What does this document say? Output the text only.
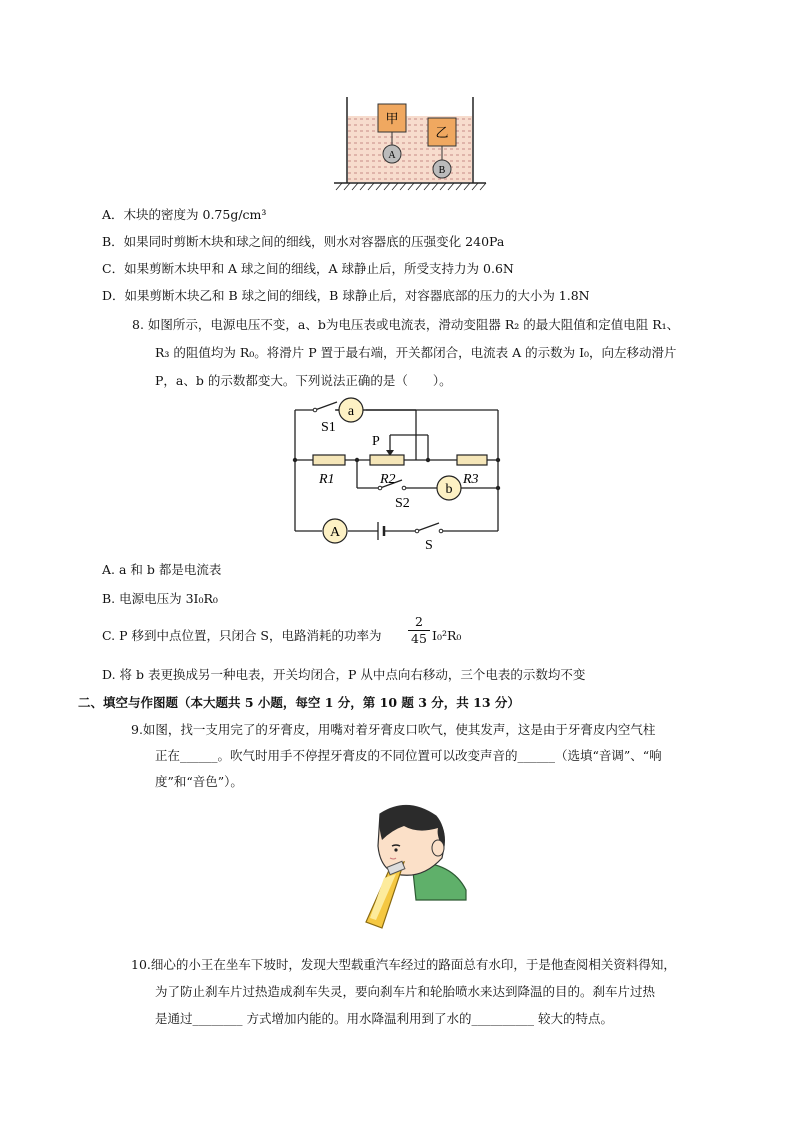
甲
A
乙
B
A．木块的密度为 0.75g/cm³
B．如果同时剪断木块和球之间的细线，则水对容器底的压强变化 240Pa
C．如果剪断木块甲和 A 球之间的细线，A 球静止后，所受支持力为 0.6N
D．如果剪断木块乙和 B 球之间的细线，B 球静止后，对容器底部的压力的大小为 1.8N
8. 如图所示，电源电压不变，a、b为电压表或电流表，滑动变阻器 R₂ 的最大阻值和定值电阻 R₁、
R₃ 的阻值均为 R₀。将滑片 P 置于最右端，开关都闭合，电流表 A 的示数为 I₀，向左移动滑片
P，a、b 的示数都变大。下列说法正确的是（　　）。
a
b
A
S1
P
R1	R2	R3
S2
S
A. a 和 b 都是电流表
B. 电源电压为 3I₀R₀
C. P 移到中点位置，只闭合 S，电路消耗的功率为
2
45 I₀²R₀
D. 将 b 表更换成另一种电表，开关均闭合，P 从中点向右移动，三个电表的示数均不变
二、填空与作图题（本大题共 5 小题，每空 1 分，第 10 题 3 分，共 13 分）
9.如图，找一支用完了的牙膏皮，用嘴对着牙膏皮口吹气，使其发声，这是由于牙膏皮内空气柱
正在______。吹气时用手不停捏牙膏皮的不同位置可以改变声音的______（选填“音调”、“响
度”和“音色”）。
10.细心的小王在坐车下坡时，发现大型载重汽车经过的路面总有水印，于是他查阅相关资料得知，
为了防止刹车片过热造成刹车失灵，要向刹车片和轮胎喷水来达到降温的目的。刹车片过热
是通过________ 方式增加内能的。用水降温利用到了水的__________ 较大的特点。
